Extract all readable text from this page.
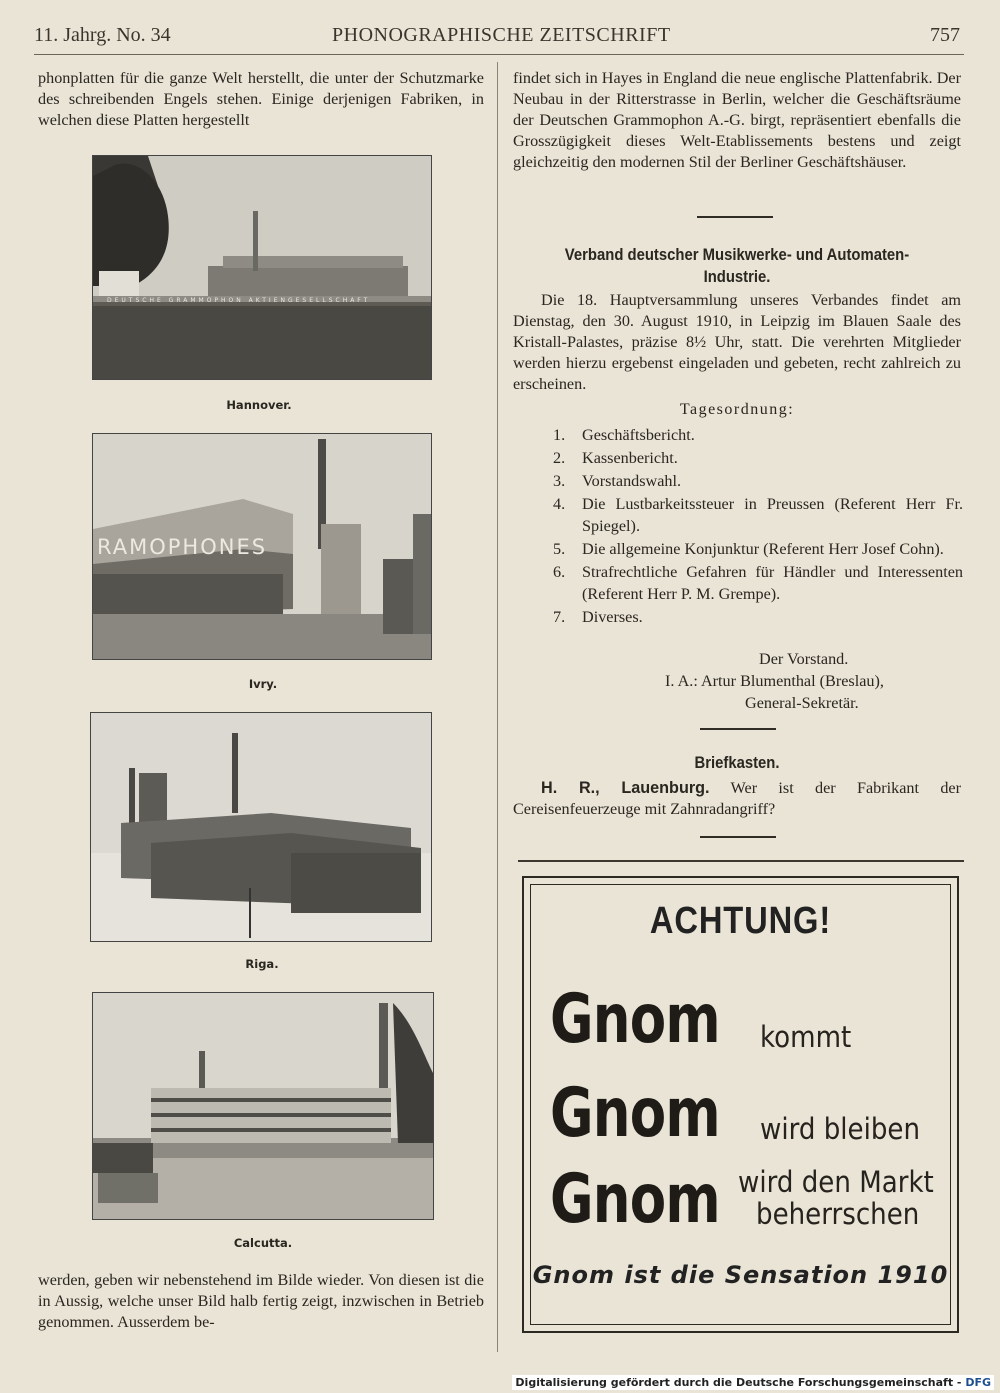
11. Jahrg. No. 34	PHONOGRAPHISCHE ZEITSCHRIFT	757
phonplatten für die ganze Welt herstellt, die unter der Schutzmarke des schreibenden Engels stehen. Einige derjenigen Fabriken, in welchen diese Platten hergestellt
DEUTSCHE GRAMMOPHON AKTIENGESELLSCHAFT
Hannover.
RAMOPHONES
Ivry.
Riga.
Calcutta.
werden, geben wir nebenstehend im Bilde wieder. Von diesen ist die in Aussig, welche unser Bild halb fertig zeigt, inzwischen in Betrieb genommen. Ausserdem be-
findet sich in Hayes in England die neue englische Plattenfabrik. Der Neubau in der Ritterstrasse in Berlin, welcher die Geschäftsräume der Deutschen Grammophon A.-G. birgt, repräsentiert ebenfalls die Grosszügigkeit dieses Welt-Etablissements bestens und zeigt gleichzeitig den modernen Stil der Berliner Geschäftshäuser.
Verband deutscher Musikwerke- und Automaten-
Industrie.
Die 18. Hauptversammlung unseres Verbandes findet am Dienstag, den 30. August 1910, in Leipzig im Blauen Saale des Kristall-Palastes, präzise 8½ Uhr, statt. Die verehrten Mitglieder werden hierzu ergebenst eingeladen und gebeten, recht zahlreich zu erscheinen.
Tagesordnung:
1. Geschäftsbericht.
2. Kassenbericht.
3. Vorstandswahl.
4. Die Lustbarkeitssteuer in Preussen (Referent Herr Fr. Spiegel).
5. Die allgemeine Konjunktur (Referent Herr Josef Cohn).
6. Strafrechtliche Gefahren für Händler und Interessenten (Referent Herr P. M. Grempe).
7. Diverses.
Der Vorstand.
I. A.: Artur Blumenthal (Breslau),
General-Sekretär.
Briefkasten.
H. R., Lauenburg. Wer ist der Fabrikant der Cereisenfeuerzeuge mit Zahnradangriff?
ACHTUNG!
Gnom kommt
Gnom wird bleiben
Gnom wird den Markt
beherrschen
Gnom ist die Sensation 1910
Digitalisierung gefördert durch die Deutsche Forschungsgemeinschaft - DFG
